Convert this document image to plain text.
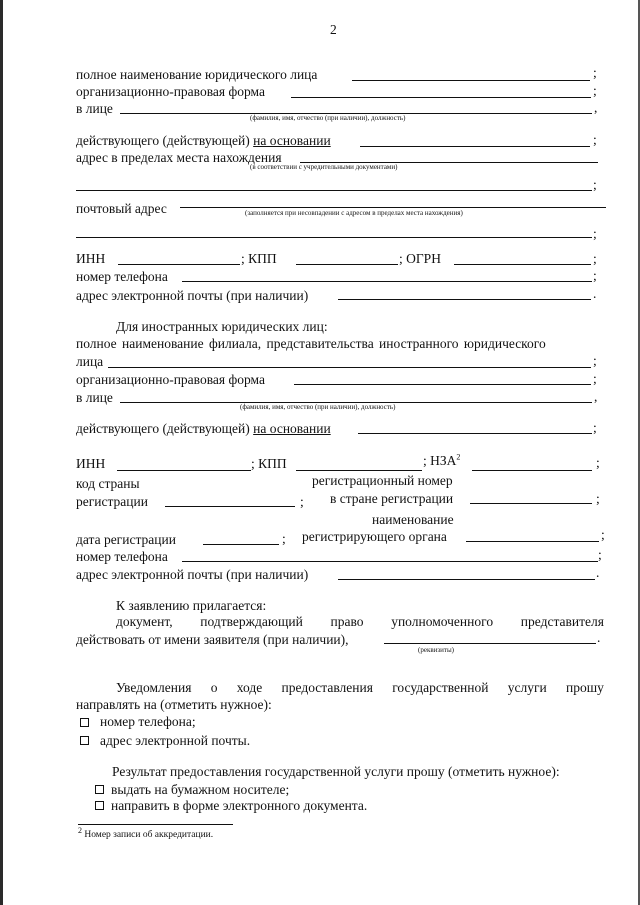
2
полное наименование юридического лица	;
организационно-правовая форма	;
в лице	,
(фамилия, имя, отчество (при наличии), должность)
действующего (действующей) на основании	;
адрес в пределах места нахождения
(в соответствии с учредительными документами)
;
почтовый адрес	(заполняется при несовпадении с адресом в пределах места нахождения)
;
ИНН	; КПП	; ОГРН	;
номер телефона	;
адрес электронной почты (при наличии)	.
Для иностранных юридических лиц:
полное наименование филиала, представительства иностранного юридического
лица	;
организационно-правовая форма	;
в лице	,
(фамилия, имя, отчество (при наличии), должность)
действующего (действующей) на основании	;
ИНН	; КПП	; НЗА$^2$	;
код страны
регистрации	;
регистрационный номер
в стране регистрации	;
наименование
дата регистрации	; регистрирующего органа	;
номер телефона	;
адрес электронной почты (при наличии)	.
К заявлению прилагается:
документ, подтверждающий право уполномоченного представителя
действовать от имени заявителя (при наличии),	.
(реквизиты)
Уведомления о ходе предоставления государственной услуги прошу
направлять на (отметить нужное):
номер телефона;
адрес электронной почты.
Результат предоставления государственной услуги прошу (отметить нужное):
выдать на бумажном носителе;
направить в форме электронного документа.
$^2$ Номер записи об аккредитации.
